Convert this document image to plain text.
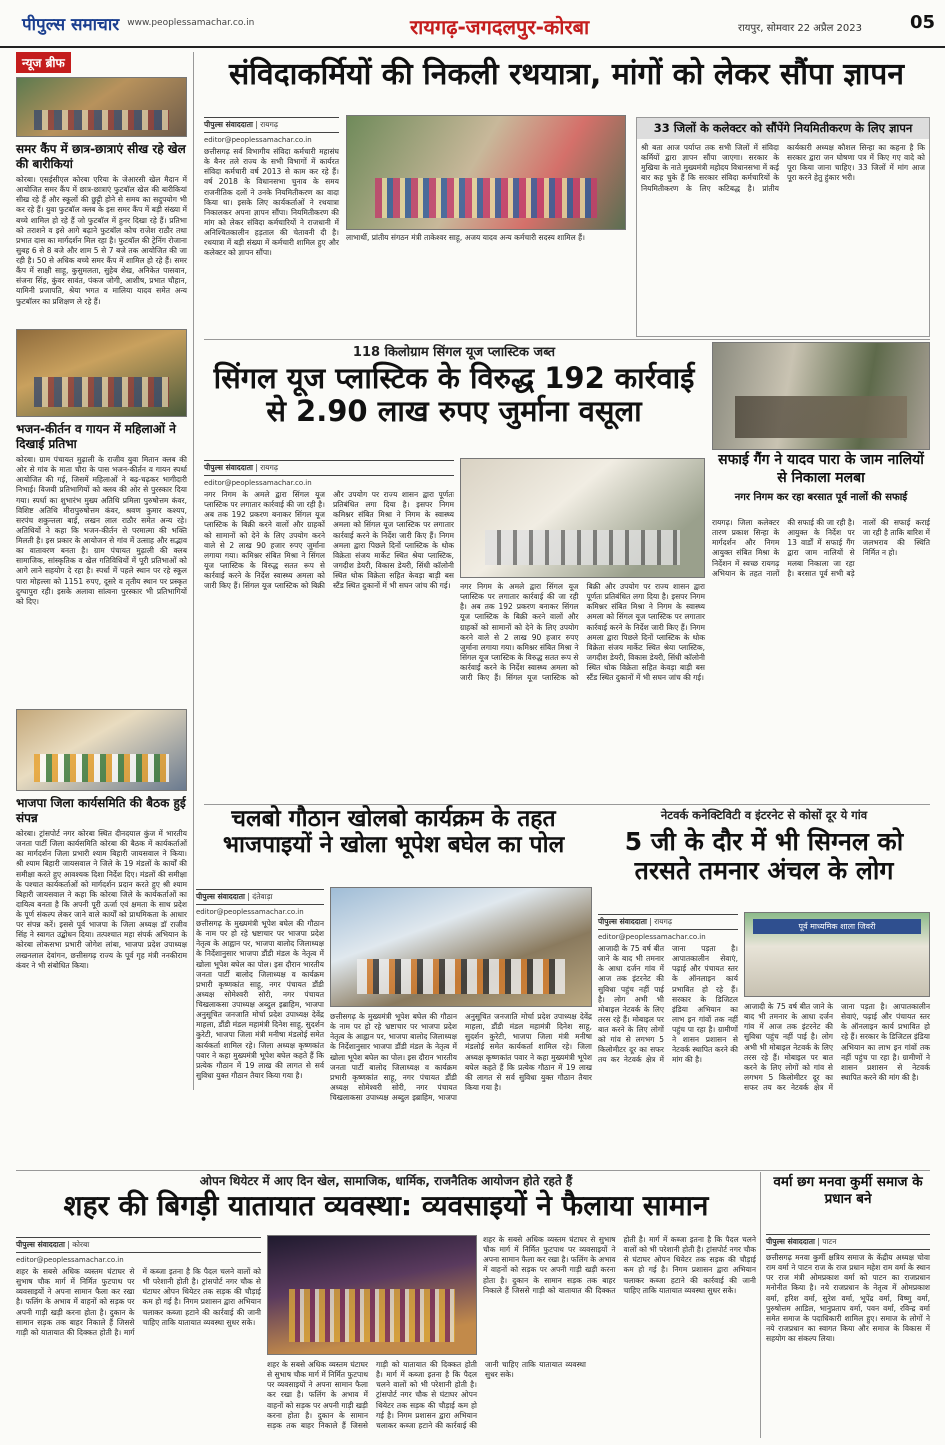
पीपुल्स समाचार www.peoplessamachar.co.in	रायगढ़-जगदलपुर-कोरबा	रायपुर, सोमवार 22 अप्रैल 2023	05
न्यूज ब्रीफ
समर कैंप में छात्र-छात्राएं सीख रहे खेल की बारीकियां
कोरबा। एसईसीएल कोरबा एरिया के जेआरसी खेल मैदान में आयोजित समर कैंप में छात्र-छात्राएं फुटबॉल खेल की बारीकियां सीख रहे हैं और स्कूलों की छुट्टी होने से समय का सदुपयोग भी कर रहे हैं। युवा फुटबॉल क्लब के इस समर कैंप में बड़ी संख्या में बच्चे शामिल हो रहे हैं जो फुटबॉल में हुनर दिखा रहे हैं। प्रतिभा को तराशने व इसे आगे बढ़ाने फुटबॉल कोच राजेश राठौर तथा प्रभात दास का मार्गदर्शन मिल रहा है। फुटबॉल की ट्रेनिंग रोजाना सुबह 6 से 8 बजे और शाम 5 से 7 बजे तक आयोजित की जा रही है। 50 से अधिक बच्चे समर कैंप में शामिल हो रहे हैं। समर कैंप में साक्षी साहू, कुसुमलता, सुहेब शेख, अनिकेत पासवान, संजना सिंह, कुंवर सावंत, पंकज जोगी, आशीष, प्रभात चौहान, यामिनी प्रजापति, श्रेया भगत व मालिया यादव समेत अन्य फुटबॉलर का प्रशिक्षण ले रहे हैं।
भजन-कीर्तन व गायन में महिलाओं ने दिखाई प्रतिभा
कोरबा। ग्राम पंचायत मुढ़ाली के राजीव युवा मितान क्लब की ओर से गांव के माता चौरा के पास भजन-कीर्तन व गायन स्पर्धा आयोजित की गई, जिसमें महिलाओं ने बढ़-चढ़कर भागीदारी निभाई। विजयी प्रतिभागियों को क्लब की ओर से पुरस्कार दिया गया। स्पर्धा का शुभारंभ मुख्य अतिथि प्रमिला पुरुषोत्तम कंवर, विशिष्ट अतिथि मीरापुरुषोत्तम कंवर, श्रवण कुमार कश्यप, सरपंच शकुन्तला बाई, लखन लाल राठौर समेत अन्य रहे। अतिथियों ने कहा कि भजन-कीर्तन से परमात्मा की भक्ति मिलती है। इस प्रकार के आयोजन से गांव में उत्साह और सद्भाव का वातावरण बनता है। ग्राम पंचायत मुढ़ाली की क्लब सामाजिक, सांस्कृतिक व खेल गतिविधियों में पूरी प्रतिभाओं को आगे लाने सहयोग दे रहा है। स्पर्धा में पहले स्थान पर रहे स्कूल पारा मोहल्ला को 1151 रुपए, दूसरे व तृतीय स्थान पर प्रस्कृत दुग्घापुरा रही। इसके अलावा सांत्वना पुरस्कार भी प्रतिभागियों को दिए।
भाजपा जिला कार्यसमिति की बैठक हुई संपन्न
कोरबा। ट्रांसपोर्ट नगर कोरबा स्थित दीनदयाल कुंज में भारतीय जनता पार्टी जिला कार्यसमिति कोरबा की बैठक में कार्यकर्ताओं का मार्गदर्शन जिला प्रभारी श्याम बिहारी जायसवाल ने किया। श्री श्याम बिहारी जायसवाल ने जिले के 19 मंडलों के कार्यों की समीक्षा करते हुए आवश्यक दिशा निर्देश दिए। मंडलों की समीक्षा के पश्चात कार्यकर्ताओं को मार्गदर्शन प्रदान करते हुए श्री श्याम बिहारी जायसवाल ने कहा कि कोरबा जिले के कार्यकर्ताओं का दायित्व बनता है कि अपनी पूरी ऊर्जा एवं क्षमता के साथ प्रदेश के पूर्ण संकल्प लेकर जाने वाले कार्यों को प्राथमिकता के आधार पर संपन्न करें। इससे पूर्व भाजपा के जिला अध्यक्ष डॉ राजीव सिंह ने स्वागत उद्बोधन दिया। तत्पश्चात महा संपर्क अभियान के कोरबा लोकसभा प्रभारी जोगेश लांबा, भाजपा प्रदेश उपाध्यक्ष लखनलाल देवांगन, छत्तीसगढ़ राज्य के पूर्व गृह मंत्री ननकीराम कंवर ने भी संबोधित किया।
संविदाकर्मियों की निकली रथयात्रा, मांगों को लेकर सौंपा ज्ञापन
पीपुल्स संवाददाता | रायगढ़
editor@peoplessamachar.co.in
छत्तीसगढ़ सर्व विभागीय संविदा कर्मचारी महासंघ के बैनर तले राज्य के सभी विभागों में कार्यरत संविदा कर्मचारी वर्ष 2013 से काम कर रहे हैं। वर्ष 2018 के विधानसभा चुनाव के समय राजनीतिक दलों ने उनके नियमितीकरण का वादा किया था। इसके लिए कार्यकर्ताओं ने रथयात्रा निकालकर अपना ज्ञापन सौंपा। नियमितीकरण की मांग को लेकर संविदा कर्मचारियों ने राजधानी में अनिश्चितकालीन हड़ताल की चेतावनी दी है। रथयात्रा में बड़ी संख्या में कर्मचारी शामिल हुए और कलेक्टर को ज्ञापन सौंपा।
लाभार्थी, प्रांतीय संगठन मंत्री ताकेश्वर साहू, अजय यादव अन्य कर्मचारी सदस्य शामिल हैं।
33 जिलों के कलेक्टर को सौंपेंगे नियमितीकरण के लिए ज्ञापन
श्री बता आज पर्याप्त तक सभी जिलों में संविदा कर्मियों द्वारा ज्ञापन सौंपा जाएगा। सरकार के मुखिया के नाते मुख्यमंत्री महोदय विधानसभा में कई बार कह चुके हैं कि सरकार संविदा कर्मचारियों के नियमितीकरण के लिए कटिबद्ध है। प्रांतीय कार्यकारी अध्यक्ष कौशल सिन्हा का कहना है कि सरकार द्वारा जन घोषणा पत्र में किए गए वादे को पूरा किया जाना चाहिए। 33 जिलों में मांग आज पूरा करने हेतु हुंकार भरी।
118 किलोग्राम सिंगल यूज प्लास्टिक जब्त
सिंगल यूज प्लास्टिक के विरुद्ध 192 कार्रवाई से 2.90 लाख रुपए जुर्माना वसूला
पीपुल्स संवाददाता | रायगढ़
editor@peoplessamachar.co.in
नगर निगम के अमले द्वारा सिंगल यूज प्लास्टिक पर लगातार कार्रवाई की जा रही है। अब तक 192 प्रकरण बनाकर सिंगल यूज प्लास्टिक के बिक्री करने वालों और ग्राहकों को सामानों को देने के लिए उपयोग करने वाले से 2 लाख 90 हजार रुपए जुर्माना लगाया गया। कमिश्नर संबित मिश्रा ने सिंगल यूज प्लास्टिक के विरुद्ध सतत रूप से कार्रवाई करने के निर्देश स्वास्थ्य अमला को जारी किए हैं। सिंगल यूज प्लास्टिक को बिक्री और उपयोग पर राज्य शासन द्वारा पूर्णतः प्रतिबंधित लगा दिया है। इसपर निगम कमिश्नर संबित मिश्रा ने निगम के स्वास्थ्य अमला को सिंगल यूज प्लास्टिक पर लगातार कार्रवाई करने के निर्देश जारी किए हैं। निगम अमला द्वारा पिछले दिनों प्लास्टिक के थोक विक्रेता संजय मार्केट स्थित श्रेया प्लास्टिक, जगदीश डेयरी, विकास डेयरी, सिंधी कॉलोनी स्थित थोक विक्रेता सहित केवड़ा बाड़ी बस स्टैंड स्थित दुकानों में भी सघन जांच की गई।	नगर निगम के अमले द्वारा सिंगल यूज प्लास्टिक पर लगातार कार्रवाई की जा रही है। अब तक 192 प्रकरण बनाकर सिंगल यूज प्लास्टिक के बिक्री करने वालों और ग्राहकों को सामानों को देने के लिए उपयोग करने वाले से 2 लाख 90 हजार रुपए जुर्माना लगाया गया। कमिश्नर संबित मिश्रा ने सिंगल यूज प्लास्टिक के विरुद्ध सतत रूप से कार्रवाई करने के निर्देश स्वास्थ्य अमला को जारी किए हैं। सिंगल यूज प्लास्टिक को बिक्री और उपयोग पर राज्य शासन द्वारा पूर्णतः प्रतिबंधित लगा दिया है। इसपर निगम कमिश्नर संबित मिश्रा ने निगम के स्वास्थ्य अमला को सिंगल यूज प्लास्टिक पर लगातार कार्रवाई करने के निर्देश जारी किए हैं। निगम अमला द्वारा पिछले दिनों प्लास्टिक के थोक विक्रेता संजय मार्केट स्थित श्रेया प्लास्टिक, जगदीश डेयरी, विकास डेयरी, सिंधी कॉलोनी स्थित थोक विक्रेता सहित केवड़ा बाड़ी बस स्टैंड स्थित दुकानों में भी सघन जांच की गई।
सफाई गैंग ने यादव पारा के जाम नालियों से निकाला मलबा
नगर निगम कर रहा बरसात पूर्व नालों की सफाई
रायगढ़। जिला कलेक्टर तारण प्रकाश सिन्हा के मार्गदर्शन और निगम आयुक्त संबित मिश्रा के निर्देशन में स्वच्छ रायगढ़ अभियान के तहत नालों की सफाई की जा रही है। आयुक्त के निर्देश पर 13 वार्डों में सफाई गैंग द्वारा जाम नालियों से मलबा निकाला जा रहा है। बरसात पूर्व सभी बड़े नालों की सफाई कराई जा रही है ताकि बारिश में जलभराव की स्थिति निर्मित न हो।
चलबो गौठान खोलबो कार्यक्रम के तहत भाजपाइयों ने खोला भूपेश बघेल का पोल
पीपुल्स संवाददाता | दंतेवाड़ा
editor@peoplessamachar.co.in
छत्तीसगढ़ के मुख्यमंत्री भूपेश बघेल की गौठान के नाम पर हो रहे भ्रष्टाचार पर भाजपा प्रदेश नेतृत्व के आह्वान पर, भाजपा बालोद जिलाध्यक्ष के निर्देशानुसार भाजपा डौंडी मंडल के नेतृत्व में खोला भूपेश बघेल का पोल। इस दौरान भारतीय जनता पार्टी बालोद जिलाध्यक्ष व कार्यक्रम प्रभारी कृष्णकांत साहू, नगर पंचायत डौंडी अध्यक्ष सोमेश्वरी सोरी, नगर पंचायत चिखलाकसा उपाध्यक्ष अब्दुल इब्राहिम, भाजपा अनुसूचित जनजाति मोर्चा प्रदेश उपाध्यक्ष देवेंद्र माहला, डौंडी मंडल महामंत्री दिनेश साहू, सुदर्शन कुरेटी, भाजपा जिला मंत्री मनीषा मंडलोई समेत कार्यकर्ता शामिल रहे। जिला अध्यक्ष कृष्णकांत पवार ने कहा मुख्यमंत्री भूपेश बघेल कहते हैं कि प्रत्येक गौठान में 19 लाख की लागत से सर्व सुविधा युक्त गौठान तैयार किया गया है।
छत्तीसगढ़ के मुख्यमंत्री भूपेश बघेल की गौठान के नाम पर हो रहे भ्रष्टाचार पर भाजपा प्रदेश नेतृत्व के आह्वान पर, भाजपा बालोद जिलाध्यक्ष के निर्देशानुसार भाजपा डौंडी मंडल के नेतृत्व में खोला भूपेश बघेल का पोल। इस दौरान भारतीय जनता पार्टी बालोद जिलाध्यक्ष व कार्यक्रम प्रभारी कृष्णकांत साहू, नगर पंचायत डौंडी अध्यक्ष सोमेश्वरी सोरी, नगर पंचायत चिखलाकसा उपाध्यक्ष अब्दुल इब्राहिम, भाजपा अनुसूचित जनजाति मोर्चा प्रदेश उपाध्यक्ष देवेंद्र माहला, डौंडी मंडल महामंत्री दिनेश साहू, सुदर्शन कुरेटी, भाजपा जिला मंत्री मनीषा मंडलोई समेत कार्यकर्ता शामिल रहे। जिला अध्यक्ष कृष्णकांत पवार ने कहा मुख्यमंत्री भूपेश बघेल कहते हैं कि प्रत्येक गौठान में 19 लाख की लागत से सर्व सुविधा युक्त गौठान तैयार किया गया है।
नेटवर्क कनेक्टिविटी व इंटरनेट से कोसों दूर ये गांव
5 जी के दौर में भी सिग्नल को तरसते तमनार अंचल के लोग
पीपुल्स संवाददाता | रायगढ़
editor@peoplessamachar.co.in
आजादी के 75 वर्ष बीत जाने के बाद भी तमनार के आधा दर्जन गांव में आज तक इंटरनेट की सुविधा पहुंच नहीं पाई है। लोग अभी भी मोबाइल नेटवर्क के लिए तरस रहे हैं। मोबाइल पर बात करने के लिए लोगों को गांव से लगभग 5 किलोमीटर दूर का सफर तय कर नेटवर्क क्षेत्र में जाना पड़ता है। आपातकालीन सेवाएं, पढ़ाई और पंचायत स्तर के ऑनलाइन कार्य प्रभावित हो रहे हैं। सरकार के डिजिटल इंडिया अभियान का लाभ इन गांवों तक नहीं पहुंच पा रहा है। ग्रामीणों ने शासन प्रशासन से नेटवर्क स्थापित करने की मांग की है।
पूर्व माध्यमिक शाला जिवरी
आजादी के 75 वर्ष बीत जाने के बाद भी तमनार के आधा दर्जन गांव में आज तक इंटरनेट की सुविधा पहुंच नहीं पाई है। लोग अभी भी मोबाइल नेटवर्क के लिए तरस रहे हैं। मोबाइल पर बात करने के लिए लोगों को गांव से लगभग 5 किलोमीटर दूर का सफर तय कर नेटवर्क क्षेत्र में जाना पड़ता है। आपातकालीन सेवाएं, पढ़ाई और पंचायत स्तर के ऑनलाइन कार्य प्रभावित हो रहे हैं। सरकार के डिजिटल इंडिया अभियान का लाभ इन गांवों तक नहीं पहुंच पा रहा है। ग्रामीणों ने शासन प्रशासन से नेटवर्क स्थापित करने की मांग की है।
ओपन थियेटर में आए दिन खेल, सामाजिक, धार्मिक, राजनैतिक आयोजन होते रहते हैं
शहर की बिगड़ी यातायात व्यवस्था: व्यवसाइयों ने फैलाया सामान
पीपुल्स संवाददाता | कोरबा
editor@peoplessamachar.co.in
शहर के सबसे अधिक व्यस्तम घंटाघर से सुभाष चौक मार्ग में निर्मित फुटपाथ पर व्यवसाइयों ने अपना सामान फैला कर रखा है। फलिंग के अभाव में वाहनों को सड़क पर अपनी गाड़ी खड़ी करना होता है। दुकान के सामान सड़क तक बाहर निकाले हैं जिससे गाड़ी को यातायात की दिक्कत होती है। मार्ग में कब्जा इतना है कि पैदल चलने वालों को भी परेशानी होती है। ट्रांसपोर्ट नगर चौक से घंटाघर ओपन थियेटर तक सड़क की चौड़ाई कम हो गई है। निगम प्रशासन द्वारा अभियान चलाकर कब्जा हटाने की कार्रवाई की जानी चाहिए ताकि यातायात व्यवस्था सुधर सके।
शहर के सबसे अधिक व्यस्तम घंटाघर से सुभाष चौक मार्ग में निर्मित फुटपाथ पर व्यवसाइयों ने अपना सामान फैला कर रखा है। फलिंग के अभाव में वाहनों को सड़क पर अपनी गाड़ी खड़ी करना होता है। दुकान के सामान सड़क तक बाहर निकाले हैं जिससे गाड़ी को यातायात की दिक्कत होती है। मार्ग में कब्जा इतना है कि पैदल चलने वालों को भी परेशानी होती है। ट्रांसपोर्ट नगर चौक से घंटाघर ओपन थियेटर तक सड़क की चौड़ाई कम हो गई है। निगम प्रशासन द्वारा अभियान चलाकर कब्जा हटाने की कार्रवाई की जानी चाहिए ताकि यातायात व्यवस्था सुधर सके।
शहर के सबसे अधिक व्यस्तम घंटाघर से सुभाष चौक मार्ग में निर्मित फुटपाथ पर व्यवसाइयों ने अपना सामान फैला कर रखा है। फलिंग के अभाव में वाहनों को सड़क पर अपनी गाड़ी खड़ी करना होता है। दुकान के सामान सड़क तक बाहर निकाले हैं जिससे गाड़ी को यातायात की दिक्कत होती है। मार्ग में कब्जा इतना है कि पैदल चलने वालों को भी परेशानी होती है। ट्रांसपोर्ट नगर चौक से घंटाघर ओपन थियेटर तक सड़क की चौड़ाई कम हो गई है। निगम प्रशासन द्वारा अभियान चलाकर कब्जा हटाने की कार्रवाई की जानी चाहिए ताकि यातायात व्यवस्था सुधर सके।
वर्मा छग मनवा कुर्मी समाज के प्रधान बने
पीपुल्स संवाददाता | पाटन
छत्तीसगढ़ मनवा कुर्मी क्षत्रिय समाज के केंद्रीय अध्यक्ष चोवा राम वर्मा ने पाटन राज के राज प्रधान महेश राम वर्मा के स्थान पर राज मंत्री ओमप्रकाश वर्मा को पाटन का राजप्रधान मनोनीत किया है। नये राजप्रधान के नेतृत्व में ओमप्रकाश वर्मा, हरिश वर्मा, सुरेश वर्मा, भूपेंद्र वर्मा, विष्णु वर्मा, पुरुषोत्तम आडिल, भानुप्रताप वर्मा, पवन वर्मा, रविन्द्र वर्मा समेत समाज के पदाधिकारी शामिल हुए। समाज के लोगों ने नये राजप्रधान का स्वागत किया और समाज के विकास में सहयोग का संकल्प लिया।
